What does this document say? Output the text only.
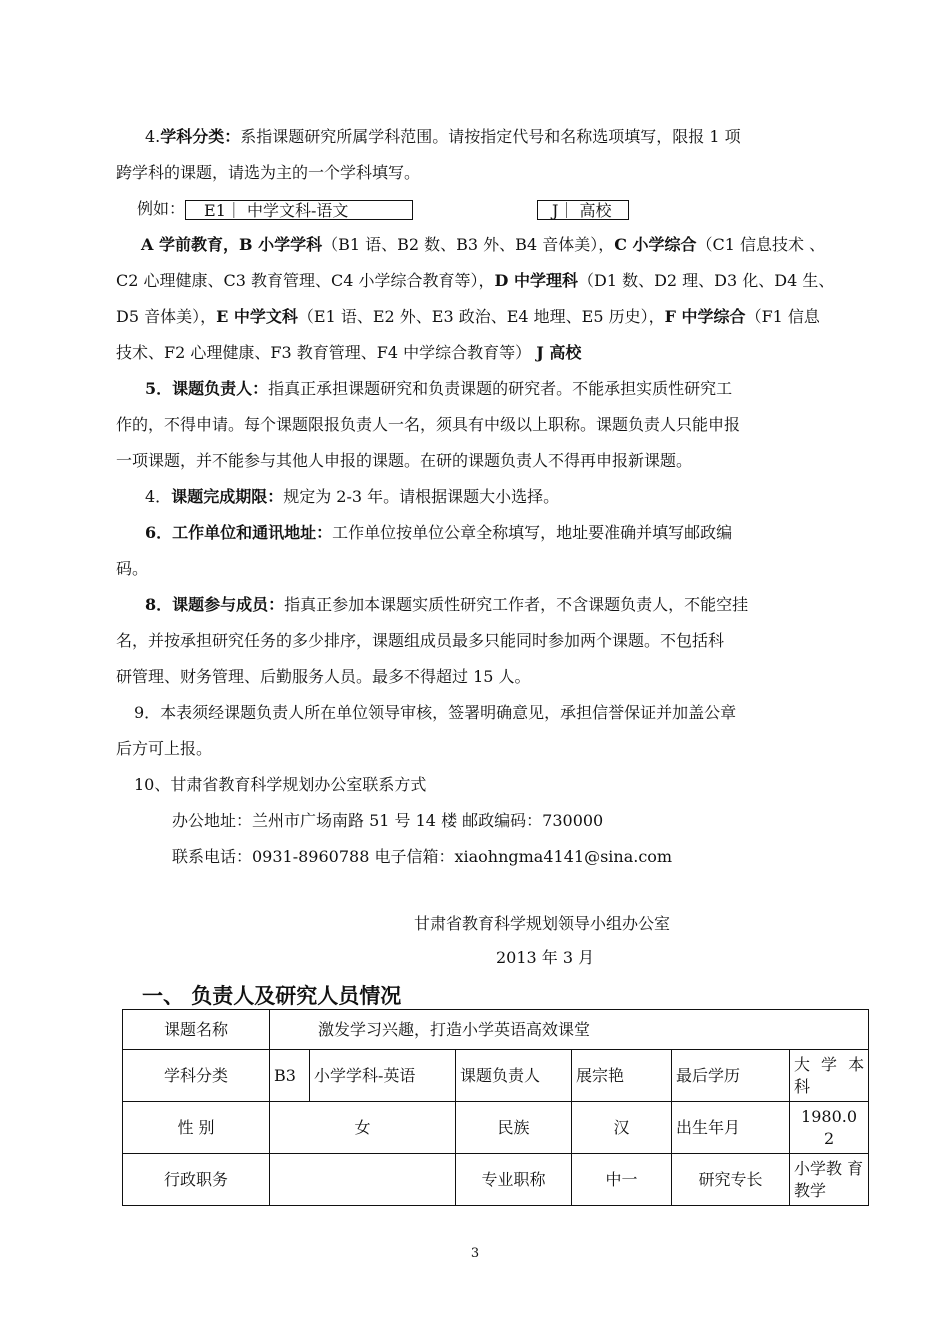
4.学科分类：系指课题研究所属学科范围。请按指定代号和名称选项填写，限报 1 项
跨学科的课题，请选为主的一个学科填写。
例如： E1｜ 中学文科-语文	J｜ 高校
A 学前教育，B 小学学科（B1 语、B2 数、B3 外、B4 音体美），C 小学综合（C1 信息技术 、
C2 心理健康、C3 教育管理、C4 小学综合教育等），D 中学理科（D1 数、D2 理、D3 化、D4 生、
D5 音体美），E 中学文科（E1 语、E2 外、E3 政治、E4 地理、E5 历史），F 中学综合（F1 信息
技术、F2 心理健康、F3 教育管理、F4 中学综合教育等） J 高校
5．课题负责人：指真正承担课题研究和负责课题的研究者。不能承担实质性研究工
作的，不得申请。每个课题限报负责人一名，须具有中级以上职称。课题负责人只能申报
一项课题，并不能参与其他人申报的课题。在研的课题负责人不得再申报新课题。
4．课题完成期限：规定为 2-3 年。请根据课题大小选择。
6．工作单位和通讯地址：工作单位按单位公章全称填写，地址要准确并填写邮政编
码。
8．课题参与成员：指真正参加本课题实质性研究工作者，不含课题负责人，不能空挂
名，并按承担研究任务的多少排序，课题组成员最多只能同时参加两个课题。不包括科
研管理、财务管理、后勤服务人员。最多不得超过 15 人。
9．本表须经课题负责人所在单位领导审核，签署明确意见，承担信誉保证并加盖公章
后方可上报。
10、甘肃省教育科学规划办公室联系方式
办公地址：兰州市广场南路 51 号 14 楼 邮政编码：730000
联系电话：0931-8960788 电子信箱：xiaohngma4141@sina.com
甘肃省教育科学规划领导小组办公室
2013 年 3 月
一、 负责人及研究人员情况
课题名称	激发学习兴趣，打造小学英语高效课堂					
学科分类	B3	小学学科-英语	课题负责人	展宗艳	最后学历	大 学 本 科
性 别	女		民族	汉	出生年月	1980.0 2
行政职务			专业职称	中一	研究专长	小学教 育教学
3
